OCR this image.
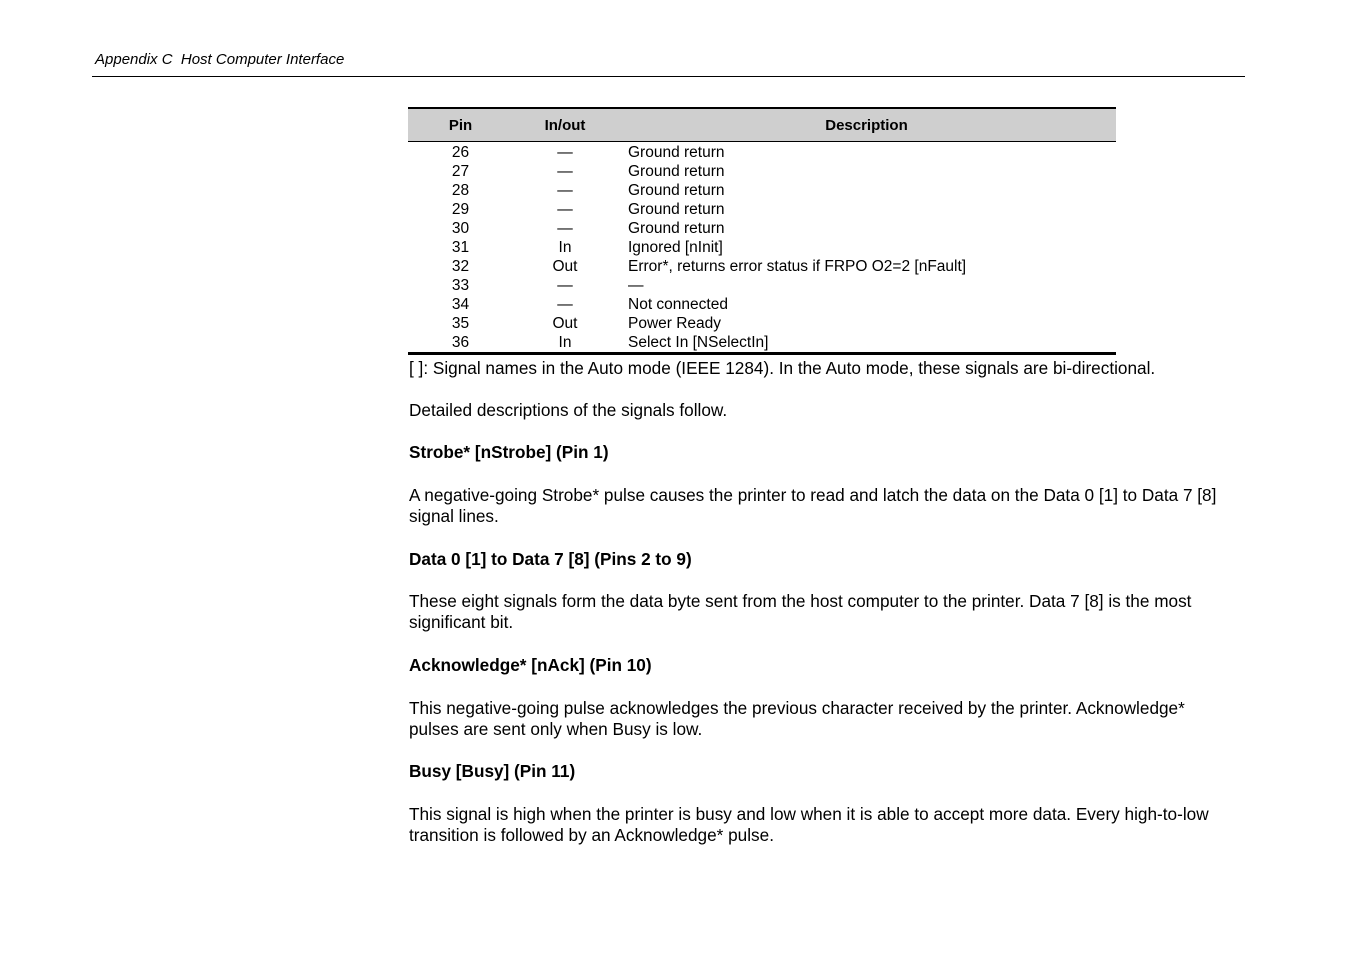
Appendix C  Host Computer Interface
Pin	In/out	Description
26	—	Ground return
27	—	Ground return
28	—	Ground return
29	—	Ground return
30	—	Ground return
31	In	Ignored [nInit]
32	Out	Error*, returns error status if FRPO O2=2 [nFault]
33	—	—
34	—	Not connected
35	Out	Power Ready
36	In	Select In [NSelectIn]

[ ]: Signal names in the Auto mode (IEEE 1284). In the Auto mode, these signals are bi-directional.

Detailed descriptions of the signals follow.

Strobe* [nStrobe] (Pin 1)

A negative-going Strobe* pulse causes the printer to read and latch the data on the Data 0 [1] to Data 7 [8] signal lines.

Data 0 [1] to Data 7 [8] (Pins 2 to 9)

These eight signals form the data byte sent from the host computer to the printer. Data 7 [8] is the most significant bit.

Acknowledge* [nAck] (Pin 10)

This negative-going pulse acknowledges the previous character received by the printer. Acknowledge* pulses are sent only when Busy is low.

Busy [Busy] (Pin 11)

This signal is high when the printer is busy and low when it is able to accept more data. Every high-to-low transition is followed by an Acknowledge* pulse.
